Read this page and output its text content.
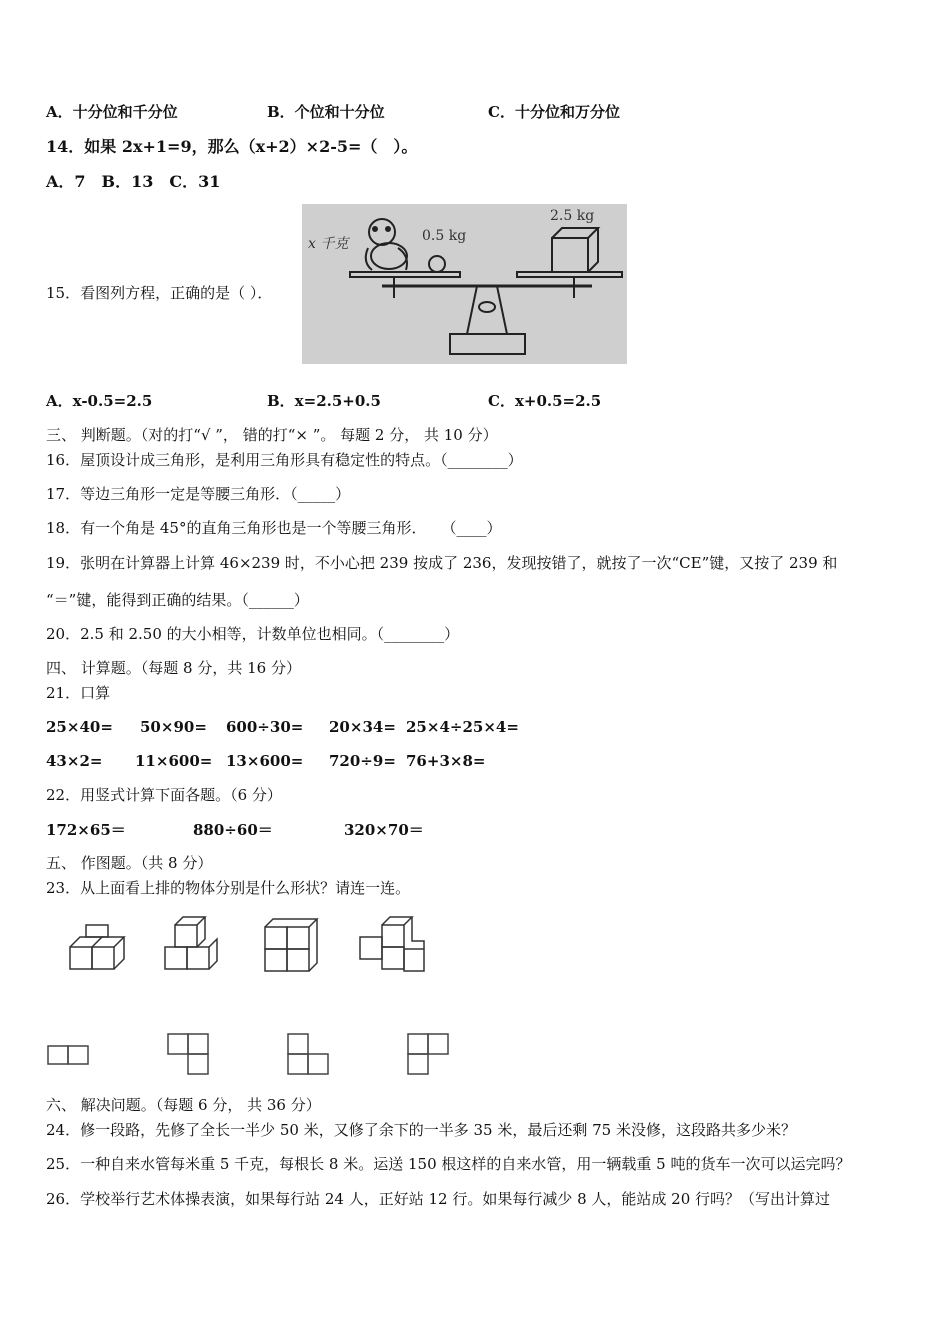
A．十分位和千分位	B．个位和十分位	C．十分位和万分位
14．如果 2x+1=9，那么（x+2）×2-5=（　）。
A．7　B．13　C．31
15．看图列方程，正确的是（ ）．
x 千克	0.5 kg
2.5 kg
A．x-0.5=2.5	B．x=2.5+0.5	C．x+0.5=2.5
三、 判断题。（对的打“√ ”， 错的打“× ”。 每题 2 分， 共 10 分）
16．屋顶设计成三角形，是利用三角形具有稳定性的特点。（________）
17．等边三角形一定是等腰三角形．（_____）
18．有一个角是 45°的直角三角形也是一个等腰三角形．　　（____）
19．张明在计算器上计算 46×239 时，不小心把 239 按成了 236，发现按错了，就按了一次“CE”键，又按了 239 和
“＝”键，能得到正确的结果。（______）
20．2.5 和 2.50 的大小相等，计数单位也相同。（________）
四、 计算题。（每题 8 分，共 16 分）
21．口算
25×40= 50×90= 600÷30= 20×34= 25×4÷25×4=
43×2= 11×600= 13×600= 720÷9= 76+3×8=
22．用竖式计算下面各题。（6 分）
172×65＝	880÷60＝	320×70＝
五、 作图题。（共 8 分）
23．从上面看上排的物体分别是什么形状？请连一连。
六、 解决问题。（每题 6 分， 共 36 分）
24．修一段路，先修了全长一半少 50 米，又修了余下的一半多 35 米，最后还剩 75 米没修，这段路共多少米？
25．一种自来水管每米重 5 千克，每根长 8 米。运送 150 根这样的自来水管，用一辆载重 5 吨的货车一次可以运完吗？
26．学校举行艺术体操表演，如果每行站 24 人，正好站 12 行。如果每行减少 8 人，能站成 20 行吗？（写出计算过
